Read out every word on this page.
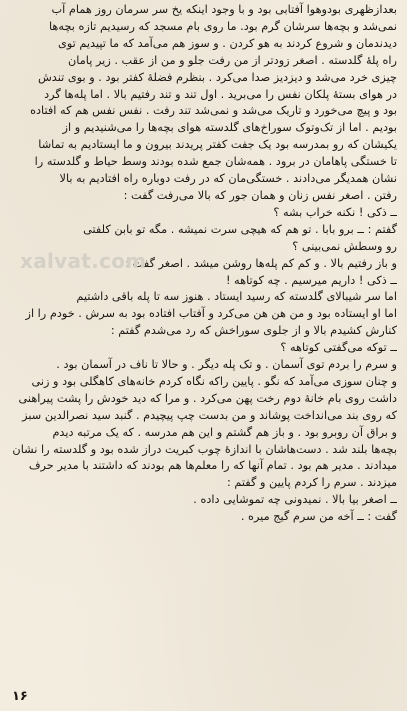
بعدازظهری بودوهوا آفتابی بود و با وجود اینکه یخ سر سرمان روز همام آب

نمی‌شد و بچه‌ها سرشان گرم بود. ما روی بام مسجد که رسیدیم تازه بچه‌ها

دیدندمان و شروع کردند به هو کردن . و سوز هم می‌آمد که ما تپیدیم توی

راه پلهٔ گلدسته . اصغر زودتر از من رفت جلو و من از عقب . زیر پامان

چیزی خرد می‌شد و دیزدیز صدا می‌کرد . بنظرم فضلهٔ کفتر بود . و بوی تندش

در هوای بستهٔ پلکان نفس را می‌برید . اول تند و تند رفتیم بالا . اما پله‌ها گرد

بود و پیچ می‌خورد و تاریک می‌شد و نمی‌شد تند رفت . نفس نفس هم که افتاده

بودیم . اما از تک‌وتوک سوراخ‌های گلدسته هوای بچه‌ها را می‌شنیدیم و از

یکیشان که رو بمدرسه بود یک جفت کفتر پریدند بیرون و ما ایستادیم به تماشا

تا خستگی پاهامان در برود . همه‌شان جمع شده بودند وسط حیاط و گلدسته را

نشان همدیگر می‌دادند . خستگی‌مان که در رفت دوباره راه افتادیم به بالا

رفتن . اصغر نفس زنان و همان جور که بالا می‌رفت گفت :

ــ ذکی ! نکنه خراب بشه ؟

گفتم : ــ برو بابا . تو هم که هیچی سرت نمیشه . مگه تو بابن کلفتی

رو وسطش نمی‌بینی ؟

و باز رفتیم بالا . و کم کم پله‌ها روشن میشد . اصغر گفت :

ــ ذکی ! داریم میرسیم . چه کوتاهه !

اما سر شیبالای گلدسته که رسید ایستاد . هنوز سه تا پله باقی داشتیم

اما او ایستاده بود و من هن هن می‌کرد و آفتاب افتاده بود به سرش . خودم را از

کنارش کشیدم بالا و از جلوی سوراخش که رد می‌شدم گفتم :

ــ توکه می‌گفتی کوتاهه ؟

و سرم را بردم توی آسمان . و تک پله دیگر . و حالا تا ناف در آسمان بود .

و چنان سوزی می‌آمد که نگو . پایین راکه نگاه کردم خانه‌های کاهگلی بود و زنی

داشت روی بام خانهٔ دوم رخت پهن می‌کرد . و مرا که دید خودش را پشت پیراهنی

که روی بند می‌انداخت پوشاند و من بدست چپ پیچیدم . گنبد سید نصرالدین سبز

و براق آن روبرو بود . و باز هم گشتم و این هم مدرسه . که یک مرتبه دیدم

بچه‌ها بلند شد . دست‌هاشان با اندازهٔ چوب کبریت دراز شده بود و گلدسته را نشان

میدادند . مدیر هم بود . تمام آنها که را معلم‌ها هم بودند که داشتند با مدیر حرف

میزدند . سرم را کردم پایین و گفتم :

ــ اصغر بیا بالا . نمیدونی چه تموشایی داده .

گفت : ــ آخه من سرم گیج میره .

xalvat.com
۱۶
